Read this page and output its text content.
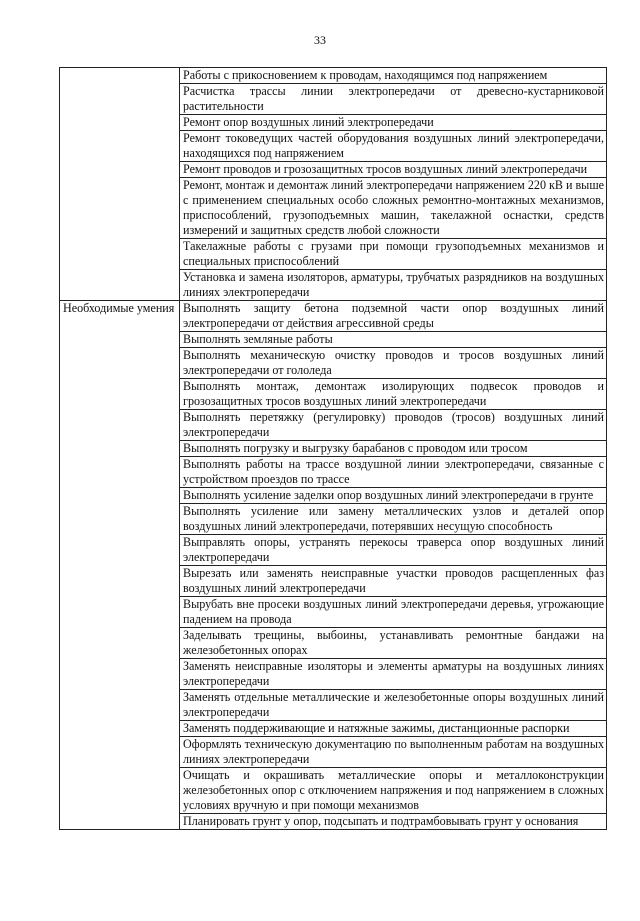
33
	Работы с прикосновением к проводам, находящимся под напряжением
	Расчистка трассы линии электропередачи от древесно-кустарниковой растительности
	Ремонт опор воздушных линий электропередачи
	Ремонт токоведущих частей оборудования воздушных линий электропередачи, находящихся под напряжением
	Ремонт проводов и грозозащитных тросов воздушных линий электропередачи
	Ремонт, монтаж и демонтаж линий электропередачи напряжением 220 кВ и выше с применением специальных особо сложных ремонтно-монтажных механизмов, приспособлений, грузоподъемных машин, такелажной оснастки, средств измерений и защитных средств любой сложности
	Такелажные работы с грузами при помощи грузоподъемных механизмов и специальных приспособлений
	Установка и замена изоляторов, арматуры, трубчатых разрядников на воздушных линиях электропередачи
Необходимые умения	Выполнять защиту бетона подземной части опор воздушных линий электропередачи от действия агрессивной среды
	Выполнять земляные работы
	Выполнять механическую очистку проводов и тросов воздушных линий электропередачи от гололеда
	Выполнять монтаж, демонтаж изолирующих подвесок проводов и грозозащитных тросов воздушных линий электропередачи
	Выполнять перетяжку (регулировку) проводов (тросов) воздушных линий электропередачи
	Выполнять погрузку и выгрузку барабанов с проводом или тросом
	Выполнять работы на трассе воздушной линии электропередачи, связанные с устройством проездов по трассе
	Выполнять усиление заделки опор воздушных линий электропередачи в грунте
	Выполнять усиление или замену металлических узлов и деталей опор воздушных линий электропередачи, потерявших несущую способность
	Выправлять опоры, устранять перекосы траверса опор воздушных линий электропередачи
	Вырезать или заменять неисправные участки проводов расщепленных фаз воздушных линий электропередачи
	Вырубать вне просеки воздушных линий электропередачи деревья, угрожающие падением на провода
	Заделывать трещины, выбоины, устанавливать ремонтные бандажи на железобетонных опорах
	Заменять неисправные изоляторы и элементы арматуры на воздушных линиях электропередачи
	Заменять отдельные металлические и железобетонные опоры воздушных линий электропередачи
	Заменять поддерживающие и натяжные зажимы, дистанционные распорки
	Оформлять техническую документацию по выполненным работам на воздушных линиях электропередачи
	Очищать и окрашивать металлические опоры и металлоконструкции железобетонных опор с отключением напряжения и под напряжением в сложных условиях вручную и при помощи механизмов
	Планировать грунт у опор, подсыпать и подтрамбовывать грунт у основания
